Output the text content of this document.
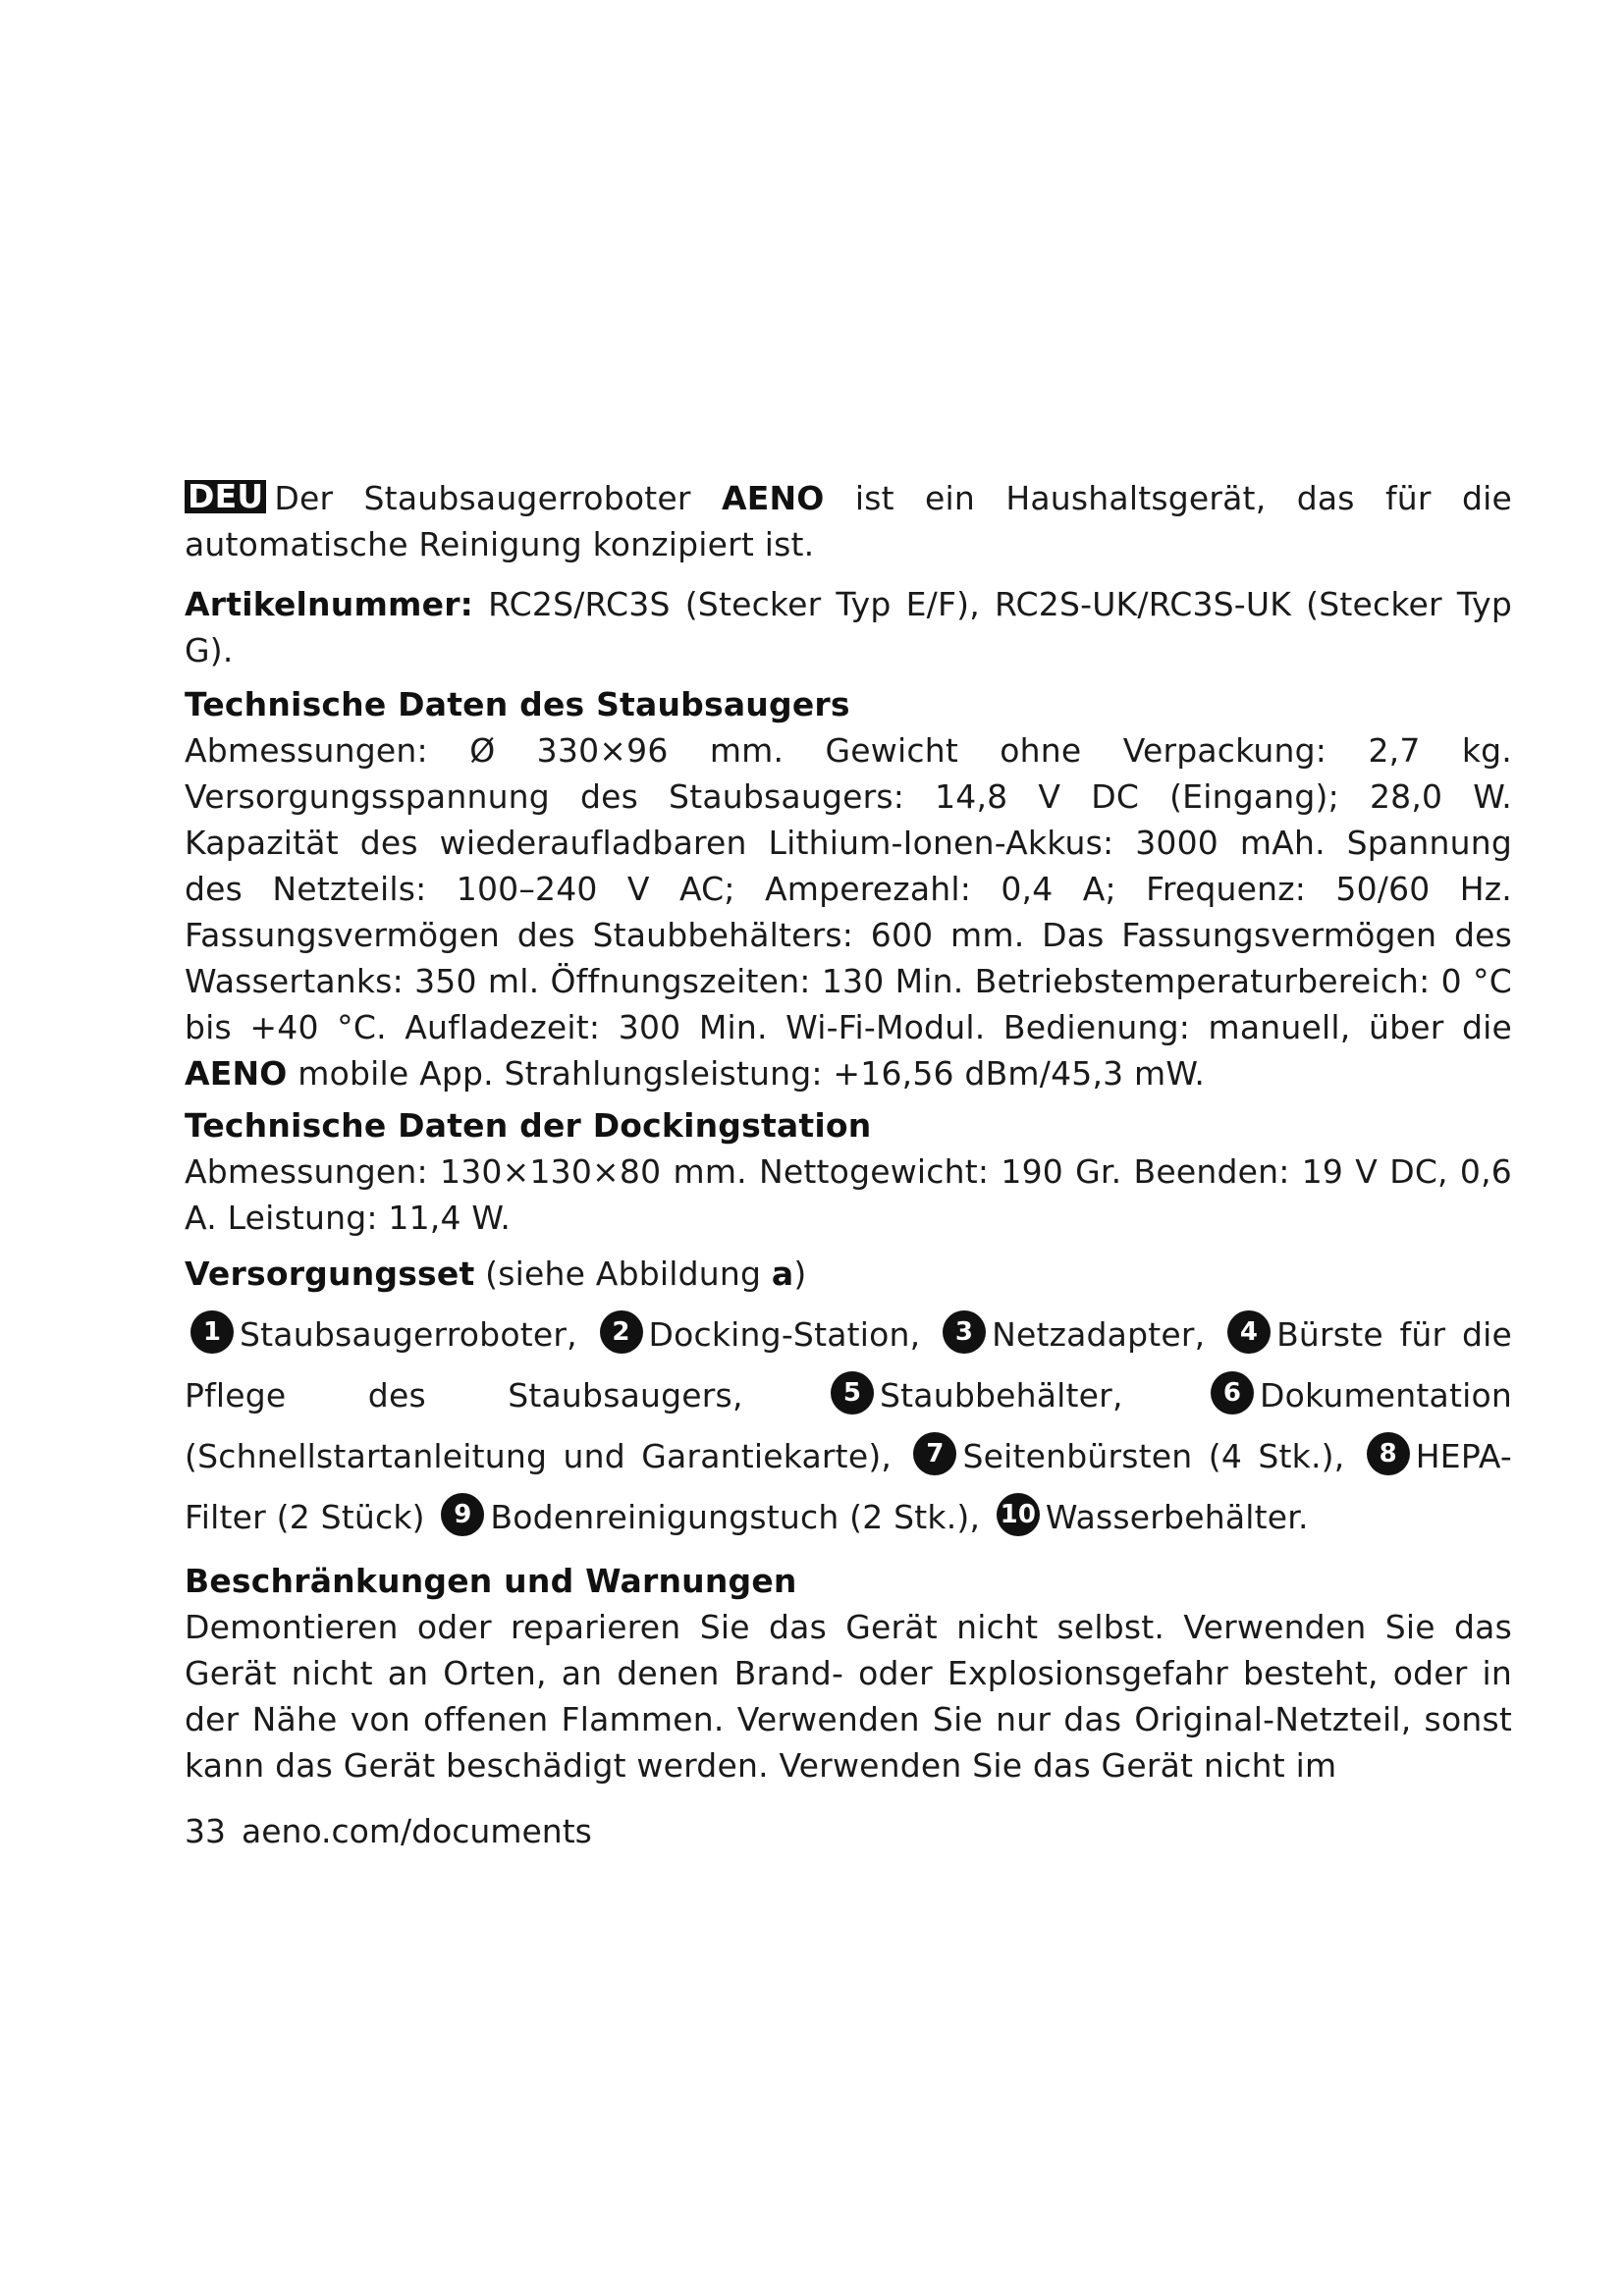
DEU Der Staubsaugerroboter AENO ist ein Haushaltsgerät, das für die automatische Reinigung konzipiert ist.

Artikelnummer: RC2S/RC3S (Stecker Typ E/F), RC2S-UK/RC3S-UK (Stecker Typ G).

Technische Daten des Staubsaugers

Abmessungen: Ø 330×96 mm. Gewicht ohne Verpackung: 2,7 kg. Versorgungsspannung des Staubsaugers: 14,8 V DC (Eingang); 28,0 W. Kapazität des wiederaufladbaren Lithium-Ionen-Akkus: 3000 mAh. Spannung des Netzteils: 100–240 V AC; Amperezahl: 0,4 A; Frequenz: 50/60 Hz. Fassungsvermögen des Staubbehälters: 600 mm. Das Fassungsvermögen des Wassertanks: 350 ml. Öffnungszeiten: 130 Min. Betriebstemperaturbereich: 0 °C bis +40 °C. Aufladezeit: 300 Min. Wi-Fi-Modul. Bedienung: manuell, über die AENO mobile App. Strahlungsleistung: +16,56 dBm/45,3 mW.

Technische Daten der Dockingstation

Abmessungen: 130×130×80 mm. Nettogewicht: 190 Gr. Beenden: 19 V DC, 0,6 A. Leistung: 11,4 W.

Versorgungsset (siehe Abbildung a)

1 Staubsaugerroboter, 2 Docking-Station, 3 Netzadapter, 4 Bürste für die Pflege des Staubsaugers,	5 Staubbehälter,	6 Dokumentation (Schnellstartanleitung und Garantiekarte), 7 Seitenbürsten (4 Stk.), 8 HEPA-Filter (2 Stück) 9 Bodenreinigungstuch (2 Stk.), 10 Wasserbehälter.

Beschränkungen und Warnungen

Demontieren oder reparieren Sie das Gerät nicht selbst. Verwenden Sie das Gerät nicht an Orten, an denen Brand- oder Explosionsgefahr besteht, oder in der Nähe von offenen Flammen. Verwenden Sie nur das Original-Netzteil, sonst kann das Gerät beschädigt werden. Verwenden Sie das Gerät nicht im

33 aeno.com/documents
